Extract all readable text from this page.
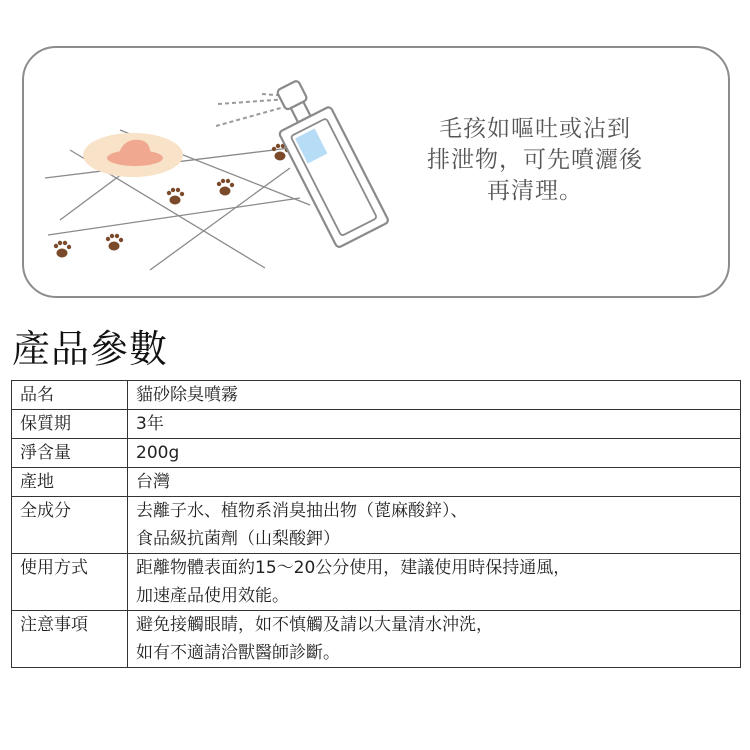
毛孩如嘔吐或沾到
排泄物，可先噴灑後
再清理。
產品參數
品名	貓砂除臭噴霧

保質期	3年

淨含量	200g

產地	台灣

全成分	去離子水、植物系消臭抽出物（蓖麻酸鋅）、
食品級抗菌劑（山梨酸鉀）

使用方式	距離物體表面約15～20公分使用，建議使用時保持通風，
加速產品使用效能。

注意事項	避免接觸眼睛，如不慎觸及請以大量清水沖洗，
如有不適請洽獸醫師診斷。
